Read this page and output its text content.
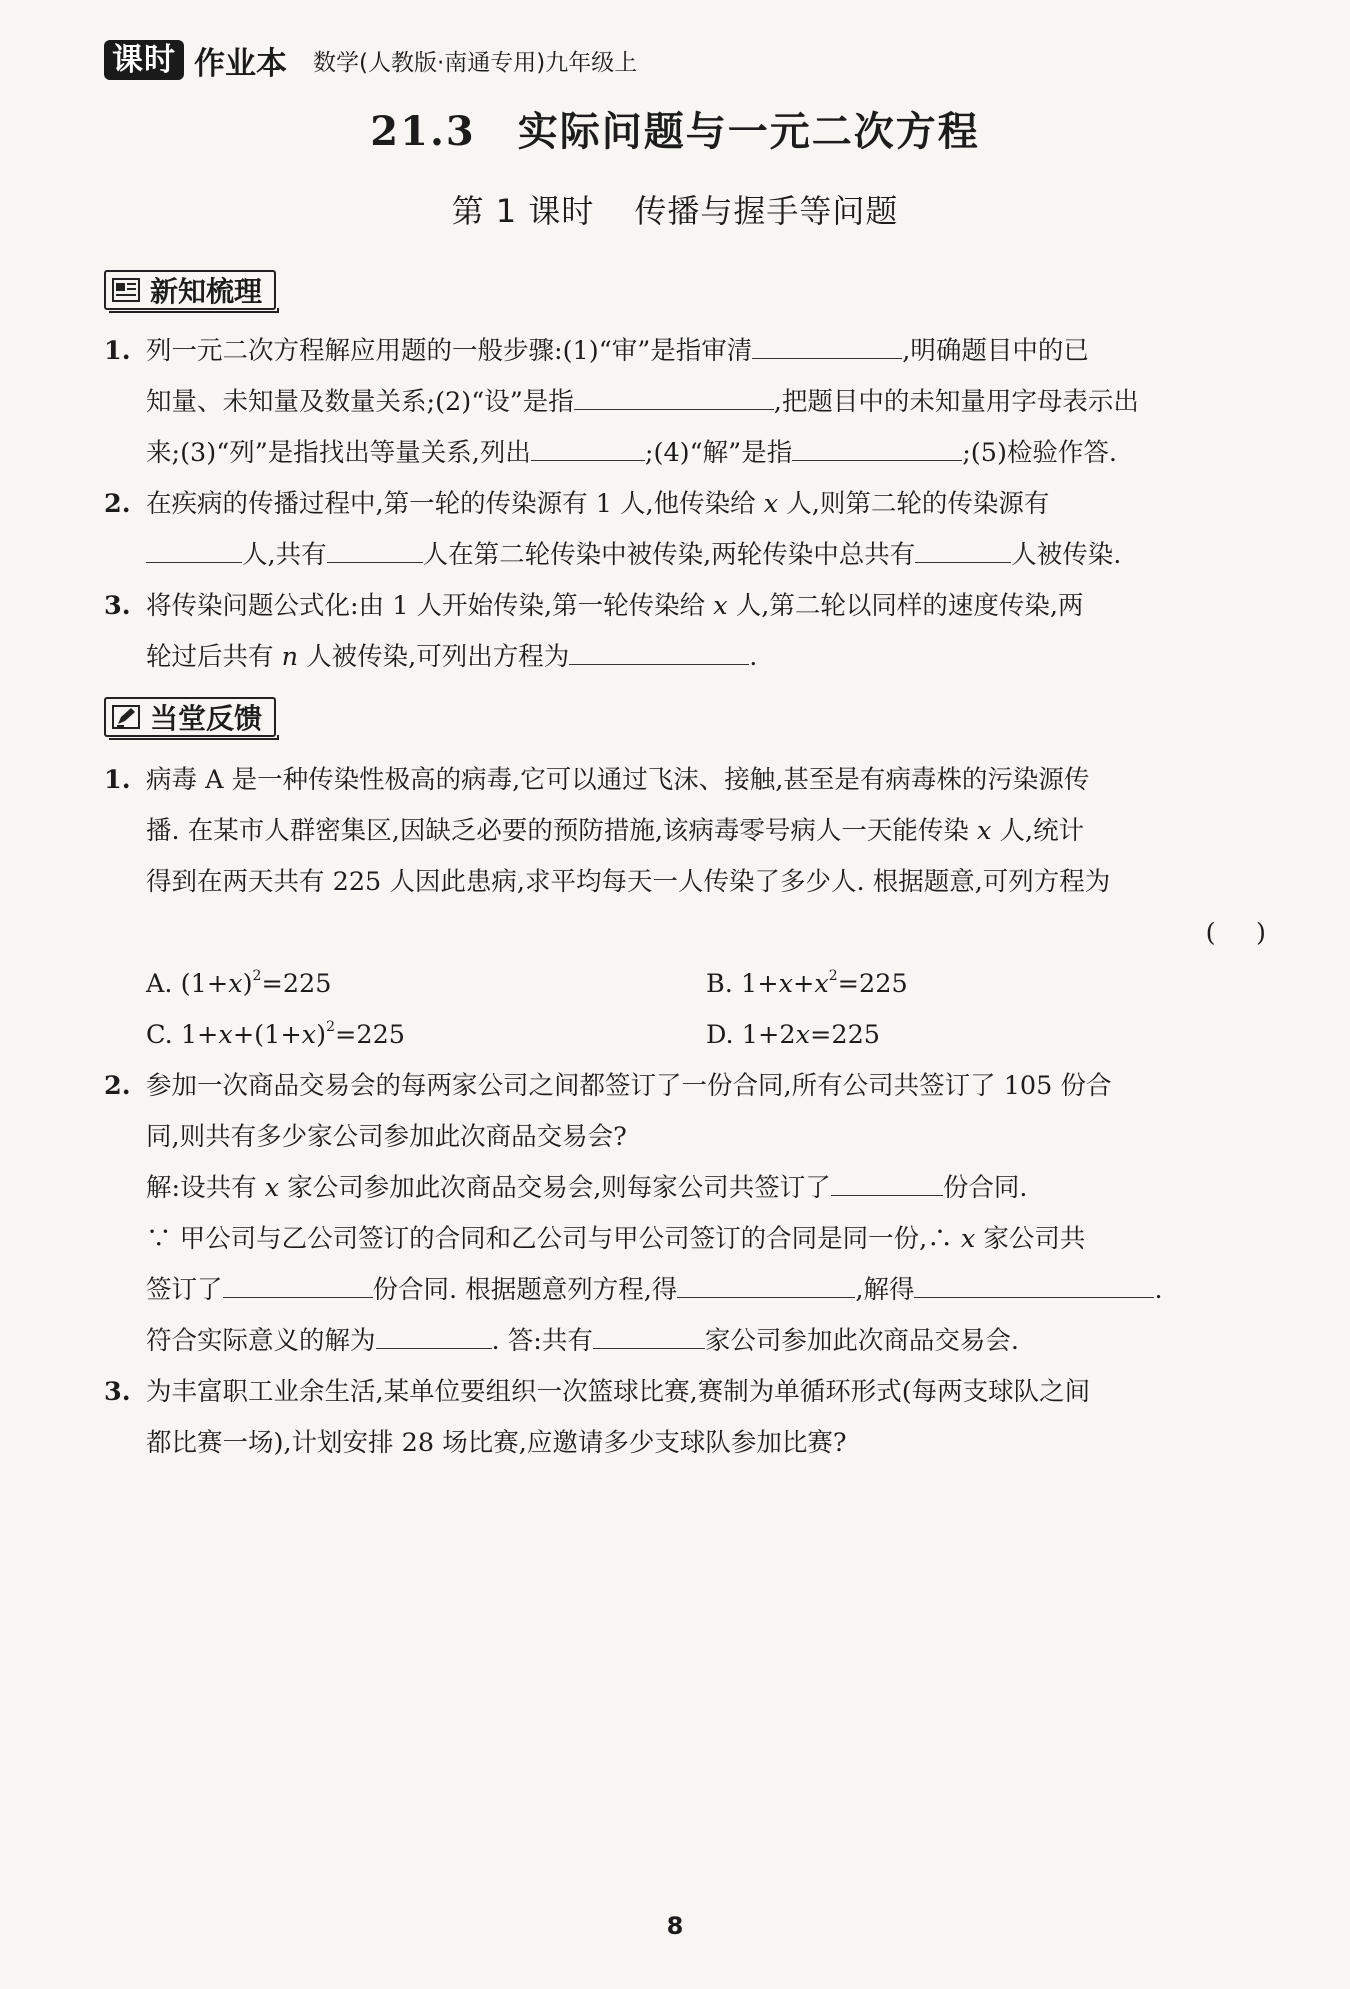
课时 作业本 数学(人教版·南通专用)九年级上
21.3 实际问题与一元二次方程
第 1 课时 传播与握手等问题
新知梳理
1. 列一元二次方程解应用题的一般步骤:(1)“审”是指审清	,明确题目中的已
知量、未知量及数量关系;(2)“设”是指	,把题目中的未知量用字母表示出
来;(3)“列”是指找出等量关系,列出	;(4)“解”是指	;(5)检验作答.
2. 在疾病的传播过程中,第一轮的传染源有 1 人,他传染给 x 人,则第二轮的传染源有
人,共有	人在第二轮传染中被传染,两轮传染中总共有	人被传染.
3. 将传染问题公式化:由 1 人开始传染,第一轮传染给 x 人,第二轮以同样的速度传染,两
轮过后共有 n 人被传染,可列出方程为	.
当堂反馈
1. 病毒 A 是一种传染性极高的病毒,它可以通过飞沫、接触,甚至是有病毒株的污染源传
播. 在某市人群密集区,因缺乏必要的预防措施,该病毒零号病人一天能传染 x 人,统计
得到在两天共有 225 人因此患病,求平均每天一人传染了多少人. 根据题意,可列方程为
(     )
A. $(1+x)^2=225$	B. $1+x+x^2=225$
C. $1+x+(1+x)^2=225$	D. 1+2x=225
2. 参加一次商品交易会的每两家公司之间都签订了一份合同,所有公司共签订了 105 份合
同,则共有多少家公司参加此次商品交易会?
解:设共有 x 家公司参加此次商品交易会,则每家公司共签订了	份合同.
∵ 甲公司与乙公司签订的合同和乙公司与甲公司签订的合同是同一份,∴ x 家公司共
签订了	份合同. 根据题意列方程,得	,解得	.
符合实际意义的解为	. 答:共有	家公司参加此次商品交易会.
3. 为丰富职工业余生活,某单位要组织一次篮球比赛,赛制为单循环形式(每两支球队之间
都比赛一场),计划安排 28 场比赛,应邀请多少支球队参加比赛?
8
